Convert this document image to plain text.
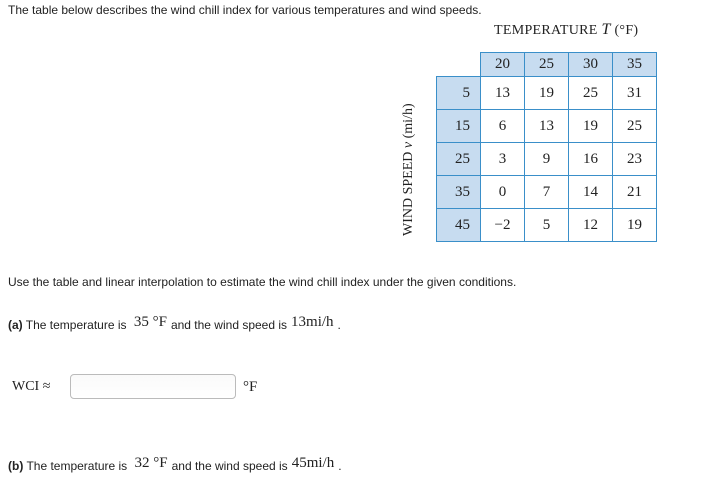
The table below describes the wind chill index for various temperatures and wind speeds.
TEMPERATURE T (°F)
WIND SPEED v (mi/h)
	20	25	30	35
5	13	19	25	31
15	6	13	19	25
25	3	9	16	23
35	0	7	14	21
45	−2	5	12	19
Use the table and linear interpolation to estimate the wind chill index under the given conditions.
(a) The temperature is 35 °F and the wind speed is 13mi/h .
WCI ≈	°F
(b) The temperature is 32 °F and the wind speed is 45mi/h .
